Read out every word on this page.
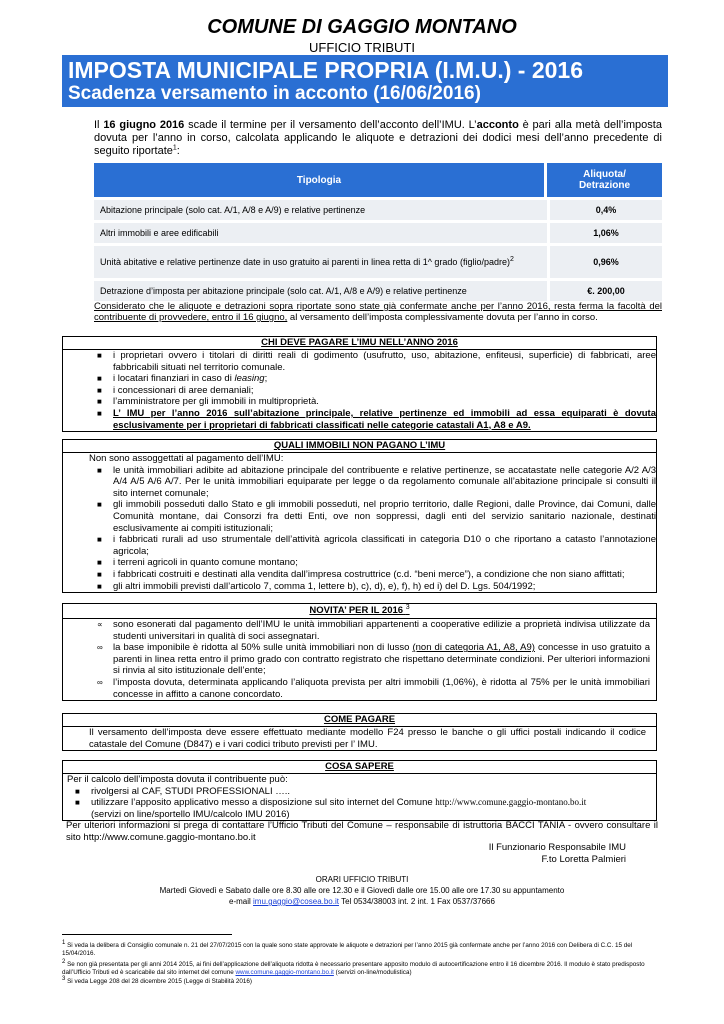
COMUNE DI GAGGIO MONTANO
UFFICIO TRIBUTI
IMPOSTA MUNICIPALE PROPRIA (I.M.U.) - 2016
Scadenza versamento in acconto (16/06/2016)
Il 16 giugno 2016 scade il termine per il versamento dell’acconto dell’IMU. L’acconto è pari alla metà dell’imposta dovuta per l’anno in corso, calcolata applicando le aliquote e detrazioni dei dodici mesi dell’anno precedente di seguito riportate$^1$:
Tipologia	Aliquota/
Detrazione
Abitazione principale (solo cat. A/1, A/8 e A/9) e relative pertinenze	0,4%
Altri immobili e aree edificabili	1,06%
Unità abitative e relative pertinenze date in uso gratuito ai parenti in linea retta di 1^ grado (figlio/padre)$^2$	0,96%
Detrazione d’imposta per abitazione principale (solo cat. A/1, A/8 e A/9) e relative pertinenze	€. 200,00
Considerato che le aliquote e detrazioni sopra riportate sono state già confermate anche per l’anno 2016, resta ferma la facoltà del contribuente di provvedere, entro il 16 giugno, al versamento dell’imposta complessivamente dovuta per l’anno in corso.
CHI DEVE PAGARE L’IMU NELL’ANNO 2016
■ i proprietari ovvero i titolari di diritti reali di godimento (usufrutto, uso, abitazione, enfiteusi, superficie) di fabbricati, aree fabbricabili situati nel territorio comunale.
■ i locatari finanziari in caso di leasing;
■ i concessionari di aree demaniali;
■ l’amministratore per gli immobili in multiproprietà.
■ L’ IMU per l’anno 2016 sull’abitazione principale, relative pertinenze ed immobili ad essa equiparati è dovuta esclusivamente per i proprietari di fabbricati classificati nelle categorie catastali A1, A8 e A9.
QUALI IMMOBILI NON PAGANO L’IMU
Non sono assoggettati al pagamento dell’IMU:
■ le unità immobiliari adibite ad abitazione principale del contribuente e relative pertinenze, se accatastate nelle categorie A/2 A/3 A/4 A/5 A/6 A/7. Per le unità immobiliari equiparate per legge o da regolamento comunale all’abitazione principale si consulti il sito internet comunale;
■ gli immobili posseduti dallo Stato e gli immobili posseduti, nel proprio territorio, dalle Regioni, dalle Province, dai Comuni, dalle Comunità montane, dai Consorzi fra detti Enti, ove non soppressi, dagli enti del servizio sanitario nazionale, destinati esclusivamente ai compiti istituzionali;
■ i fabbricati rurali ad uso strumentale dell’attività agricola classificati in categoria D10 o che riportano a catasto l’annotazione agricola;
■ i terreni agricoli in quanto comune montano;
■ i fabbricati costruiti e destinati alla vendita dall’impresa costruttrice (c.d. “beni merce”), a condizione che non siano affittati;
■ gli altri immobili previsti dall’articolo 7, comma 1, lettere b), c), d), e), f), h) ed i) del D. Lgs. 504/1992;
NOVITA’ PER IL 2016 $^3$
∝ sono esonerati dal pagamento dell’IMU le unità immobiliari appartenenti a cooperative edilizie a proprietà indivisa utilizzate da studenti universitari in qualità di soci assegnatari.
∞ la base imponibile è ridotta al 50% sulle unità immobiliari non di lusso (non di categoria A1, A8, A9) concesse in uso gratuito a parenti in linea retta entro il primo grado con contratto registrato che rispettano determinate condizioni. Per ulteriori informazioni si rinvia al sito istituzionale dell’ente;
∞ l’imposta dovuta, determinata applicando l’aliquota prevista per altri immobili (1,06%), è ridotta al 75% per le unità immobiliari concesse in affitto a canone concordato.
COME PAGARE
Il versamento dell’imposta deve essere effettuato mediante modello F24 presso le banche o gli uffici postali indicando il codice catastale del Comune (D847) e i vari codici tributo previsti per l’ IMU.
COSA SAPERE
Per il calcolo dell’imposta dovuta il contribuente può:
■ rivolgersi al CAF, STUDI PROFESSIONALI …..
■ utilizzare l’apposito applicativo messo a disposizione sul sito internet del Comune http://www.comune.gaggio-montano.bo.it
(servizi on line/sportello IMU/calcolo IMU 2016)
Per ulteriori informazioni si prega di contattare l’Ufficio Tributi del Comune – responsabile di istruttoria BACCI TANIA - ovvero consultare il sito http://www.comune.gaggio-montano.bo.it
Il Funzionario Responsabile IMU
F.to Loretta Palmieri
ORARI UFFICIO TRIBUTI
Martedì Giovedì e Sabato dalle ore 8.30 alle ore 12.30 e il Giovedì dalle ore 15.00 alle ore 17.30 su appuntamento
e-mail imu.gaggio@cosea.bo.it Tel 0534/38003 int. 2 int. 1 Fax 0537/37666
$^1$ Si veda la delibera di Consiglio comunale n. 21 del 27/07/2015 con la quale sono state approvate le aliquote e detrazioni per l’anno 2015 già confermate anche per l’anno 2016 con Delibera di C.C. 15 del 15/04/2016.
$^2$ Se non già presentata per gli anni 2014 2015, ai fini dell’applicazione dell’aliquota ridotta è necessario presentare apposito modulo di autocertificazione entro il 16 dicembre 2016. Il modulo è stato predisposto dall’Ufficio Tributi ed è scaricabile dal sito internet del comune www.comune.gaggio-montano.bo.it (servizi on-line/modulistica)
$^3$ Si veda Legge 208 del 28 dicembre 2015 (Legge di Stabilità 2016)
